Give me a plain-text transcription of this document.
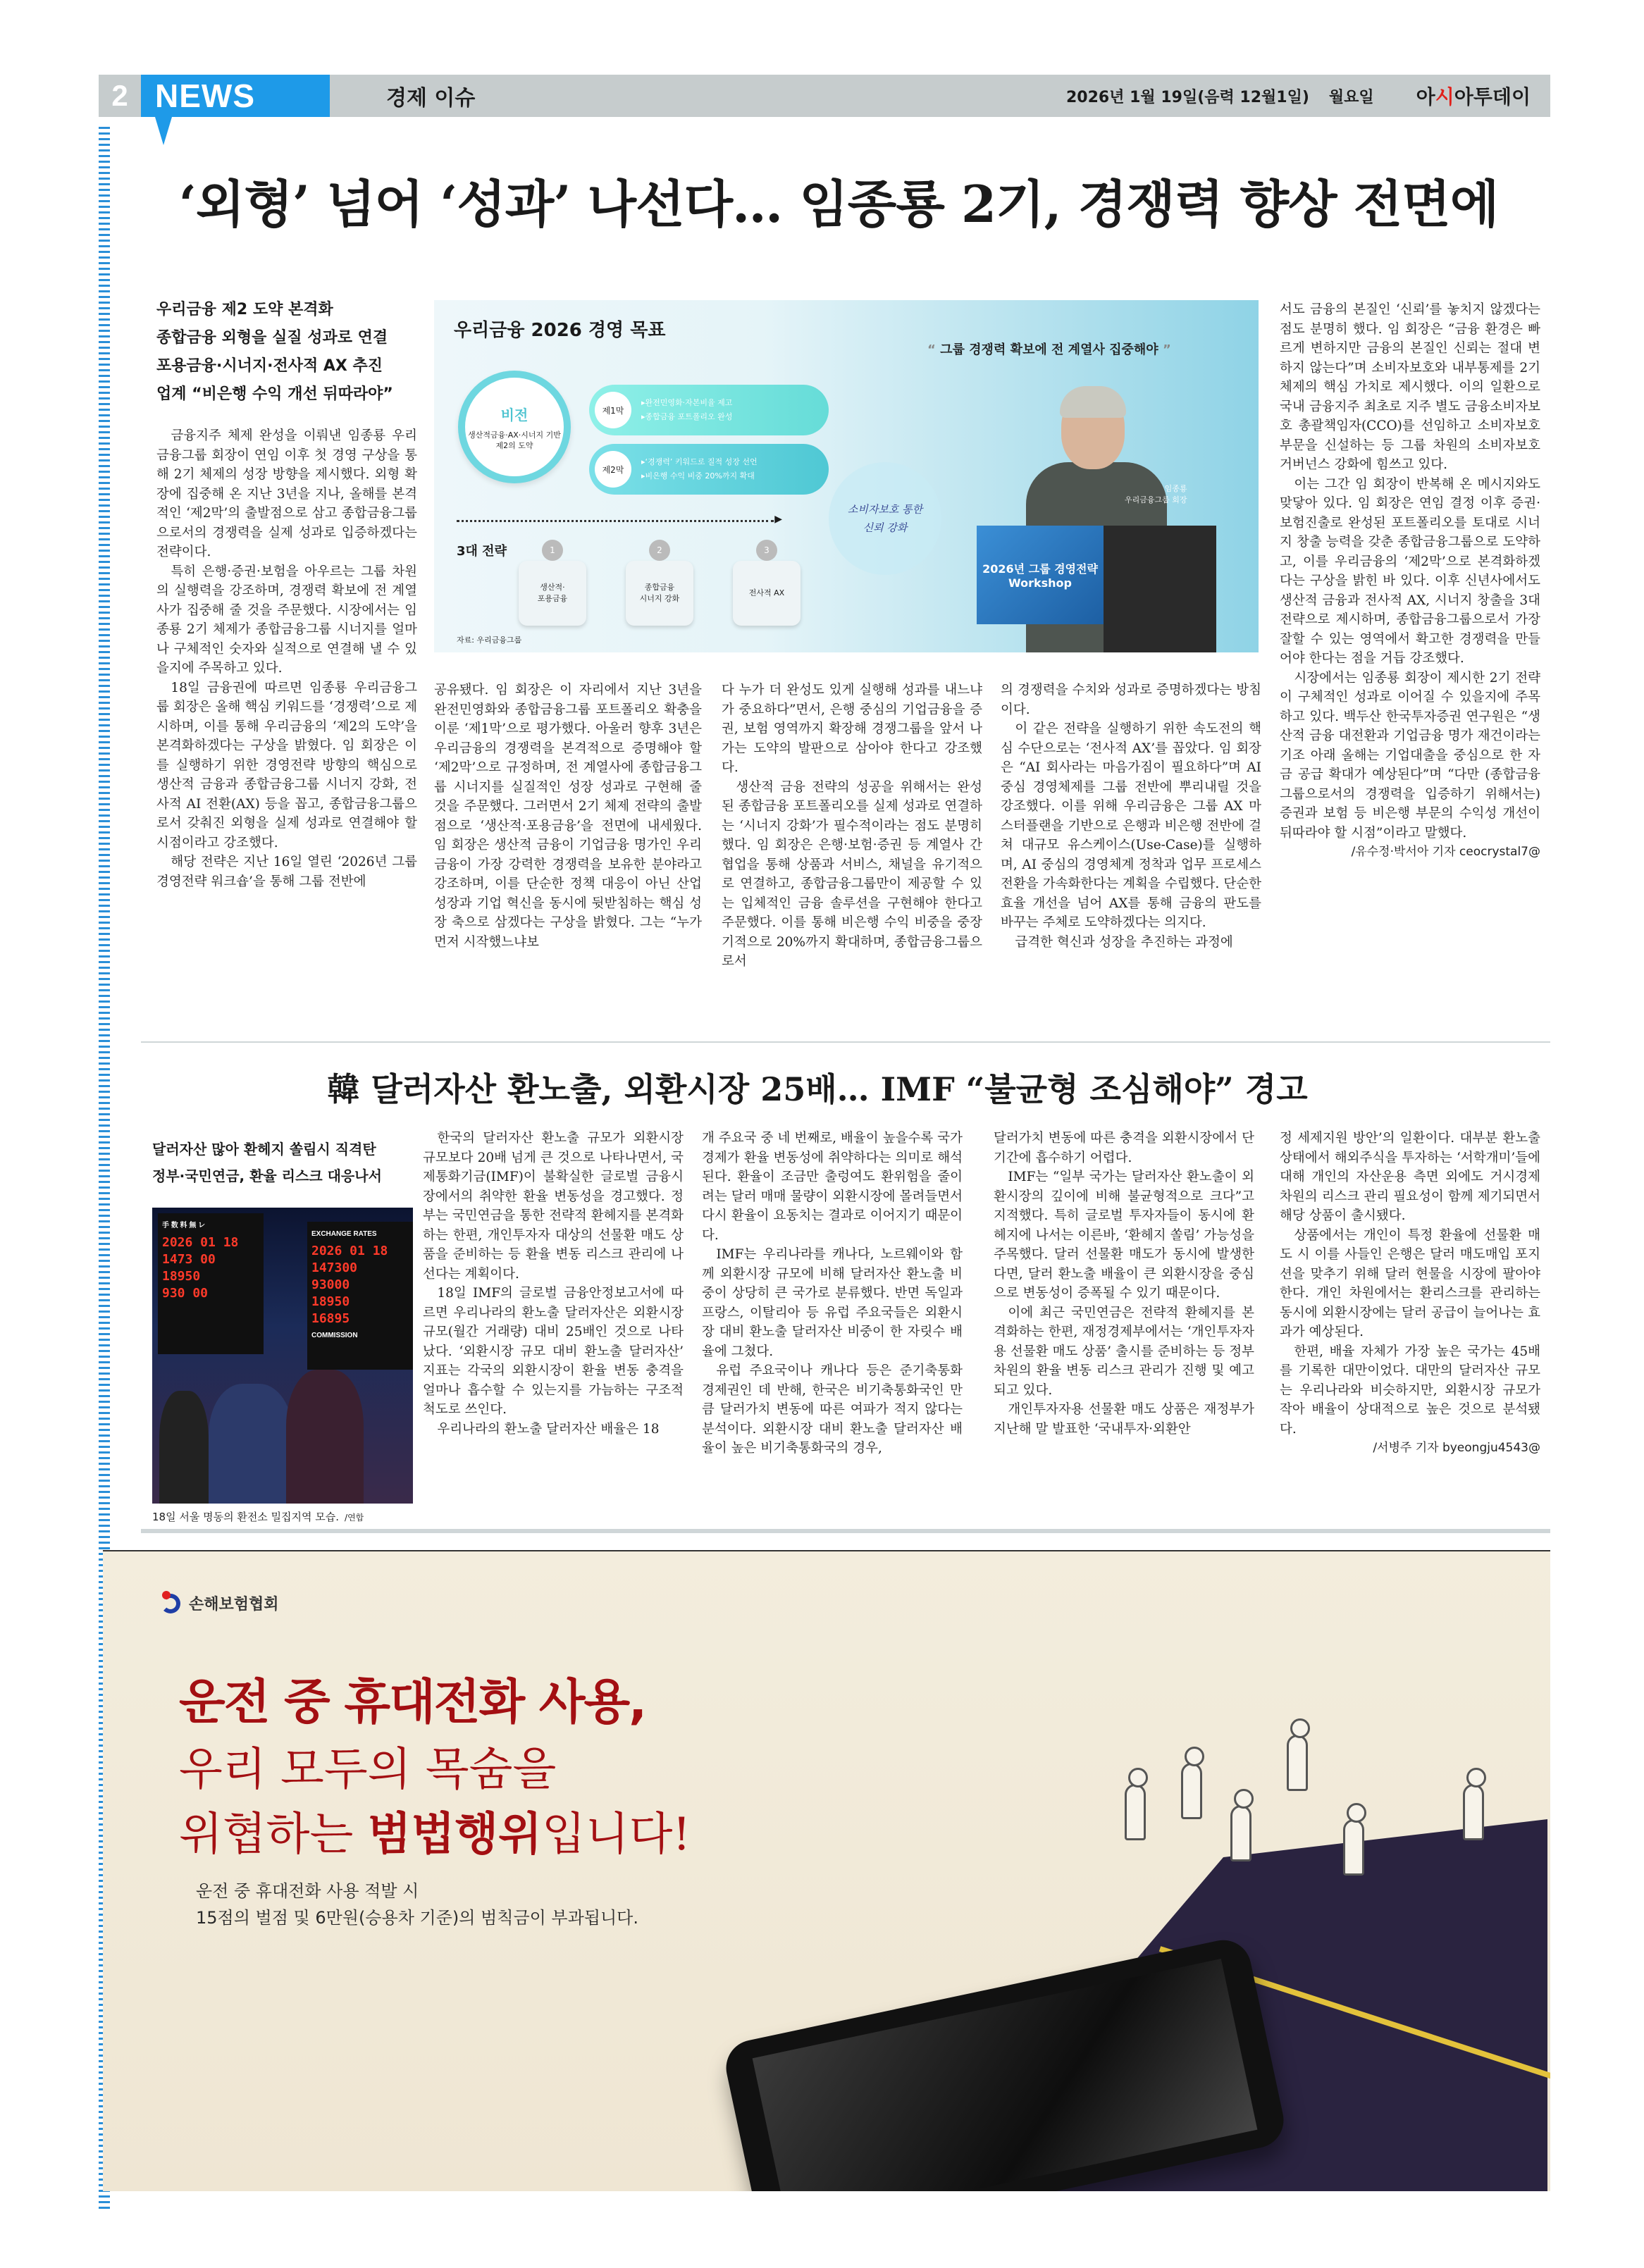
2 NEWS	경제 이슈	2026년 1월 19일(음력 12월1일) 월요일 아시아투데이
‘외형’ 넘어 ‘성과’ 나선다… 임종룡 2기, 경쟁력 향상 전면에
우리금융 제2 도약 본격화
종합금융 외형을 실질 성과로 연결
포용금융·시너지·전사적 AX 추진
업계 “비은행 수익 개선 뒤따라야”

금융지주 체제 완성을 이뤄낸 임종룡 우리금융그룹 회장이 연임 이후 첫 경영 구상을 통해 2기 체제의 성장 방향을 제시했다. 외형 확장에 집중해 온 지난 3년을 지나, 올해를 본격적인 ‘제2막’의 출발점으로 삼고 종합금융그룹으로서의 경쟁력을 실제 성과로 입증하겠다는 전략이다.

특히 은행·증권·보험을 아우르는 그룹 차원의 실행력을 강조하며, 경쟁력 확보에 전 계열사가 집중해 줄 것을 주문했다. 시장에서는 임종룡 2기 체제가 종합금융그룹 시너지를 얼마나 구체적인 숫자와 실적으로 연결해 낼 수 있을지에 주목하고 있다.

18일 금융권에 따르면 임종룡 우리금융그룹 회장은 올해 핵심 키워드를 ‘경쟁력’으로 제시하며, 이를 통해 우리금융의 ‘제2의 도약’을 본격화하겠다는 구상을 밝혔다. 임 회장은 이를 실행하기 위한 경영전략 방향의 핵심으로 생산적 금융과 종합금융그룹 시너지 강화, 전사적 AI 전환(AX) 등을 꼽고, 종합금융그룹으로서 갖춰진 외형을 실제 성과로 연결해야 할 시점이라고 강조했다.

해당 전략은 지난 16일 열린 ‘2026년 그룹 경영전략 워크숍’을 통해 그룹 전반에

우리금융 2026 경영 목표
비전
생산적금융·AX·시너지 기반
제2의 도약
제1막
▸완전민영화·자본비율 제고
▸종합금융 포트폴리오 완성
제2막
▸‘경쟁력’ 키워드로 질적 성장 선언
▸비은행 수익 비중 20%까지 확대
▶
3대 전략	1
생산적·
포용금융
2
종합금융
시너지 강화
3
전사적 AX
자료: 우리금융그룹
“ 그룹 경쟁력 확보에 전 계열사 집중해야 ”
소비자보호 통한
신뢰 강화
임종룡
우리금융그룹 회장
2026년 그룹 경영전략
Workshop

공유됐다. 임 회장은 이 자리에서 지난 3년을 완전민영화와 종합금융그룹 포트폴리오 확충을 이룬 ‘제1막’으로 평가했다. 아울러 향후 3년은 우리금융의 경쟁력을 본격적으로 증명해야 할 ‘제2막’으로 규정하며, 전 계열사에 종합금융그룹 시너지를 실질적인 성장 성과로 구현해 줄 것을 주문했다. 그러면서 2기 체제 전략의 출발점으로 ‘생산적·포용금융’을 전면에 내세웠다. 임 회장은 생산적 금융이 기업금융 명가인 우리금융이 가장 강력한 경쟁력을 보유한 분야라고 강조하며, 이를 단순한 정책 대응이 아닌 산업 성장과 기업 혁신을 동시에 뒷받침하는 핵심 성장 축으로 삼겠다는 구상을 밝혔다. 그는 “누가 먼저 시작했느냐보

다 누가 더 완성도 있게 실행해 성과를 내느냐가 중요하다”면서, 은행 중심의 기업금융을 증권, 보험 영역까지 확장해 경쟁그룹을 앞서 나가는 도약의 발판으로 삼아야 한다고 강조했다.

생산적 금융 전략의 성공을 위해서는 완성된 종합금융 포트폴리오를 실제 성과로 연결하는 ‘시너지 강화’가 필수적이라는 점도 분명히 했다. 임 회장은 은행·보험·증권 등 계열사 간 협업을 통해 상품과 서비스, 채널을 유기적으로 연결하고, 종합금융그룹만이 제공할 수 있는 입체적인 금융 솔루션을 구현해야 한다고 주문했다. 이를 통해 비은행 수익 비중을 중장기적으로 20%까지 확대하며, 종합금융그룹으로서

의 경쟁력을 수치와 성과로 증명하겠다는 방침이다.

이 같은 전략을 실행하기 위한 속도전의 핵심 수단으로는 ‘전사적 AX’를 꼽았다. 임 회장은 “AI 회사라는 마음가짐이 필요하다”며 AI 중심 경영체제를 그룹 전반에 뿌리내릴 것을 강조했다. 이를 위해 우리금융은 그룹 AX 마스터플랜을 기반으로 은행과 비은행 전반에 걸쳐 대규모 유스케이스(Use-Case)를 실행하며, AI 중심의 경영체계 정착과 업무 프로세스 전환을 가속화한다는 계획을 수립했다. 단순한 효율 개선을 넘어 AX를 통해 금융의 판도를 바꾸는 주체로 도약하겠다는 의지다.

급격한 혁신과 성장을 추진하는 과정에

서도 금융의 본질인 ‘신뢰’를 놓치지 않겠다는 점도 분명히 했다. 임 회장은 “금융 환경은 빠르게 변하지만 금융의 본질인 신뢰는 절대 변하지 않는다”며 소비자보호와 내부통제를 2기 체제의 핵심 가치로 제시했다. 이의 일환으로 국내 금융지주 최초로 지주 별도 금융소비자보호 총괄책임자(CCO)를 선임하고 소비자보호부문을 신설하는 등 그룹 차원의 소비자보호 거버넌스 강화에 힘쓰고 있다.

이는 그간 임 회장이 반복해 온 메시지와도 맞닿아 있다. 임 회장은 연임 결정 이후 증권·보험진출로 완성된 포트폴리오를 토대로 시너지 창출 능력을 갖춘 종합금융그룹으로 도약하고, 이를 우리금융의 ‘제2막’으로 본격화하겠다는 구상을 밝힌 바 있다. 이후 신년사에서도 생산적 금융과 전사적 AX, 시너지 창출을 3대 전략으로 제시하며, 종합금융그룹으로서 가장 잘할 수 있는 영역에서 확고한 경쟁력을 만들어야 한다는 점을 거듭 강조했다.

시장에서는 임종룡 회장이 제시한 2기 전략이 구체적인 성과로 이어질 수 있을지에 주목하고 있다. 백두산 한국투자증권 연구원은 “생산적 금융 대전환과 기업금융 명가 재건이라는 기조 아래 올해는 기업대출을 중심으로 한 자금 공급 확대가 예상된다”며 “다만 (종합금융그룹으로서의 경쟁력을 입증하기 위해서는) 증권과 보험 등 비은행 부문의 수익성 개선이 뒤따라야 할 시점”이라고 말했다.

/유수정·박서아 기자 ceocrystal7@
韓 달러자산 환노출, 외환시장 25배… IMF “불균형 조심해야” 경고
달러자산 많아 환헤지 쏠림시 직격탄
정부·국민연금, 환율 리스크 대응나서
手 数 料 無 レ
2026 01 18
1473 00
18950
930 00
EXCHANGE RATES
2026 01 18
147300
93000
18950
16895
COMMISSION
18일 서울 명동의 환전소 밀집지역 모습. /연합

한국의 달러자산 환노출 규모가 외환시장 규모보다 20배 넘게 큰 것으로 나타나면서, 국제통화기금(IMF)이 불확실한 글로벌 금융시장에서의 취약한 환율 변동성을 경고했다. 정부는 국민연금을 통한 전략적 환헤지를 본격화하는 한편, 개인투자자 대상의 선물환 매도 상품을 준비하는 등 환율 변동 리스크 관리에 나선다는 계획이다.

18일 IMF의 글로벌 금융안정보고서에 따르면 우리나라의 환노출 달러자산은 외환시장 규모(월간 거래량) 대비 25배인 것으로 나타났다. ‘외환시장 규모 대비 환노출 달러자산’ 지표는 각국의 외환시장이 환율 변동 충격을 얼마나 흡수할 수 있는지를 가늠하는 구조적 척도로 쓰인다.

우리나라의 환노출 달러자산 배율은 18

개 주요국 중 네 번째로, 배율이 높을수록 국가 경제가 환율 변동성에 취약하다는 의미로 해석된다. 환율이 조금만 출렁여도 환위험을 줄이려는 달러 매매 물량이 외환시장에 몰려들면서 다시 환율이 요동치는 결과로 이어지기 때문이다.

IMF는 우리나라를 캐나다, 노르웨이와 함께 외환시장 규모에 비해 달러자산 환노출 비중이 상당히 큰 국가로 분류했다. 반면 독일과 프랑스, 이탈리아 등 유럽 주요국들은 외환시장 대비 환노출 달러자산 비중이 한 자릿수 배율에 그쳤다.

유럽 주요국이나 캐나다 등은 준기축통화 경제권인 데 반해, 한국은 비기축통화국인 만큼 달러가치 변동에 따른 여파가 적지 않다는 분석이다. 외환시장 대비 환노출 달러자산 배율이 높은 비기축통화국의 경우,

달러가치 변동에 따른 충격을 외환시장에서 단기간에 흡수하기 어렵다.

IMF는 “일부 국가는 달러자산 환노출이 외환시장의 깊이에 비해 불균형적으로 크다”고 지적했다. 특히 글로벌 투자자들이 동시에 환헤지에 나서는 이른바, ‘환헤지 쏠림’ 가능성을 주목했다. 달러 선물환 매도가 동시에 발생한다면, 달러 환노출 배율이 큰 외환시장을 중심으로 변동성이 증폭될 수 있기 때문이다.

이에 최근 국민연금은 전략적 환헤지를 본격화하는 한편, 재정경제부에서는 ‘개인투자자용 선물환 매도 상품’ 출시를 준비하는 등 정부 차원의 환율 변동 리스크 관리가 진행 및 예고되고 있다.

개인투자자용 선물환 매도 상품은 재정부가 지난해 말 발표한 ‘국내투자·외환안

정 세제지원 방안’의 일환이다. 대부분 환노출 상태에서 해외주식을 투자하는 ‘서학개미’들에 대해 개인의 자산운용 측면 외에도 거시경제 차원의 리스크 관리 필요성이 함께 제기되면서 해당 상품이 출시됐다.

상품에서는 개인이 특정 환율에 선물환 매도 시 이를 사들인 은행은 달러 매도매입 포지션을 맞추기 위해 달러 현물을 시장에 팔아야 한다. 개인 차원에서는 환리스크를 관리하는 동시에 외환시장에는 달러 공급이 늘어나는 효과가 예상된다.

한편, 배율 자체가 가장 높은 국가는 45배를 기록한 대만이었다. 대만의 달러자산 규모는 우리나라와 비슷하지만, 외환시장 규모가 작아 배율이 상대적으로 높은 것으로 분석됐다.

/서병주 기자 byeongju4543@
손해보험협회
운전 중 휴대전화 사용,
우리 모두의 목숨을
위협하는 범법행위입니다!
운전 중 휴대전화 사용 적발 시
15점의 벌점 및 6만원(승용차 기준)의 범칙금이 부과됩니다.
